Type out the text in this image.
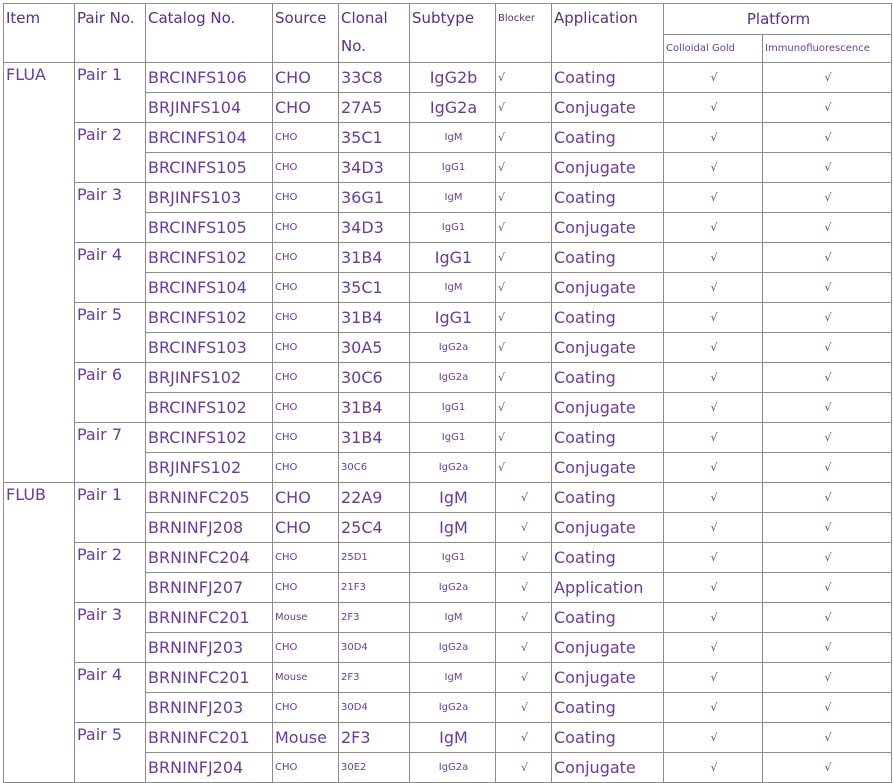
Item	Pair No.	Catalog No.	Source	Clonal No.	Subtype	Blocker	Application	Platform	
								Colloidal Gold	Immunofluorescence
FLUA	Pair 1	BRCINFS106	CHO	33C8	IgG2b	√	Coating	√	√
		BRJINFS104	CHO	27A5	IgG2a	√	Conjugate	√	√
	Pair 2	BRCINFS104	CHO	35C1	IgM	√	Coating	√	√
		BRCINFS105	CHO	34D3	IgG1	√	Conjugate	√	√
	Pair 3	BRJINFS103	CHO	36G1	IgM	√	Coating	√	√
		BRCINFS105	CHO	34D3	IgG1	√	Conjugate	√	√
	Pair 4	BRCINFS102	CHO	31B4	IgG1	√	Coating	√	√
		BRCINFS104	CHO	35C1	IgM	√	Conjugate	√	√
	Pair 5	BRCINFS102	CHO	31B4	IgG1	√	Coating	√	√
		BRCINFS103	CHO	30A5	IgG2a	√	Conjugate	√	√
	Pair 6	BRJINFS102	CHO	30C6	IgG2a	√	Coating	√	√
		BRCINFS102	CHO	31B4	IgG1	√	Conjugate	√	√
	Pair 7	BRCINFS102	CHO	31B4	IgG1	√	Coating	√	√
		BRJINFS102	CHO	30C6	IgG2a	√	Conjugate	√	√
FLUB	Pair 1	BRNINFC205	CHO	22A9	IgM	√	Coating	√	√
		BRNINFJ208	CHO	25C4	IgM	√	Conjugate	√	√
	Pair 2	BRNINFC204	CHO	25D1	IgG1	√	Coating	√	√
		BRNINFJ207	CHO	21F3	IgG2a	√	Application	√	√
	Pair 3	BRNINFC201	Mouse	2F3	IgM	√	Coating	√	√
		BRNINFJ203	CHO	30D4	IgG2a	√	Conjugate	√	√
	Pair 4	BRNINFC201	Mouse	2F3	IgM	√	Conjugate	√	√
		BRNINFJ203	CHO	30D4	IgG2a	√	Coating	√	√
	Pair 5	BRNINFC201	Mouse	2F3	IgM	√	Coating	√	√
		BRNINFJ204	CHO	30E2	IgG2a	√	Conjugate	√	√
